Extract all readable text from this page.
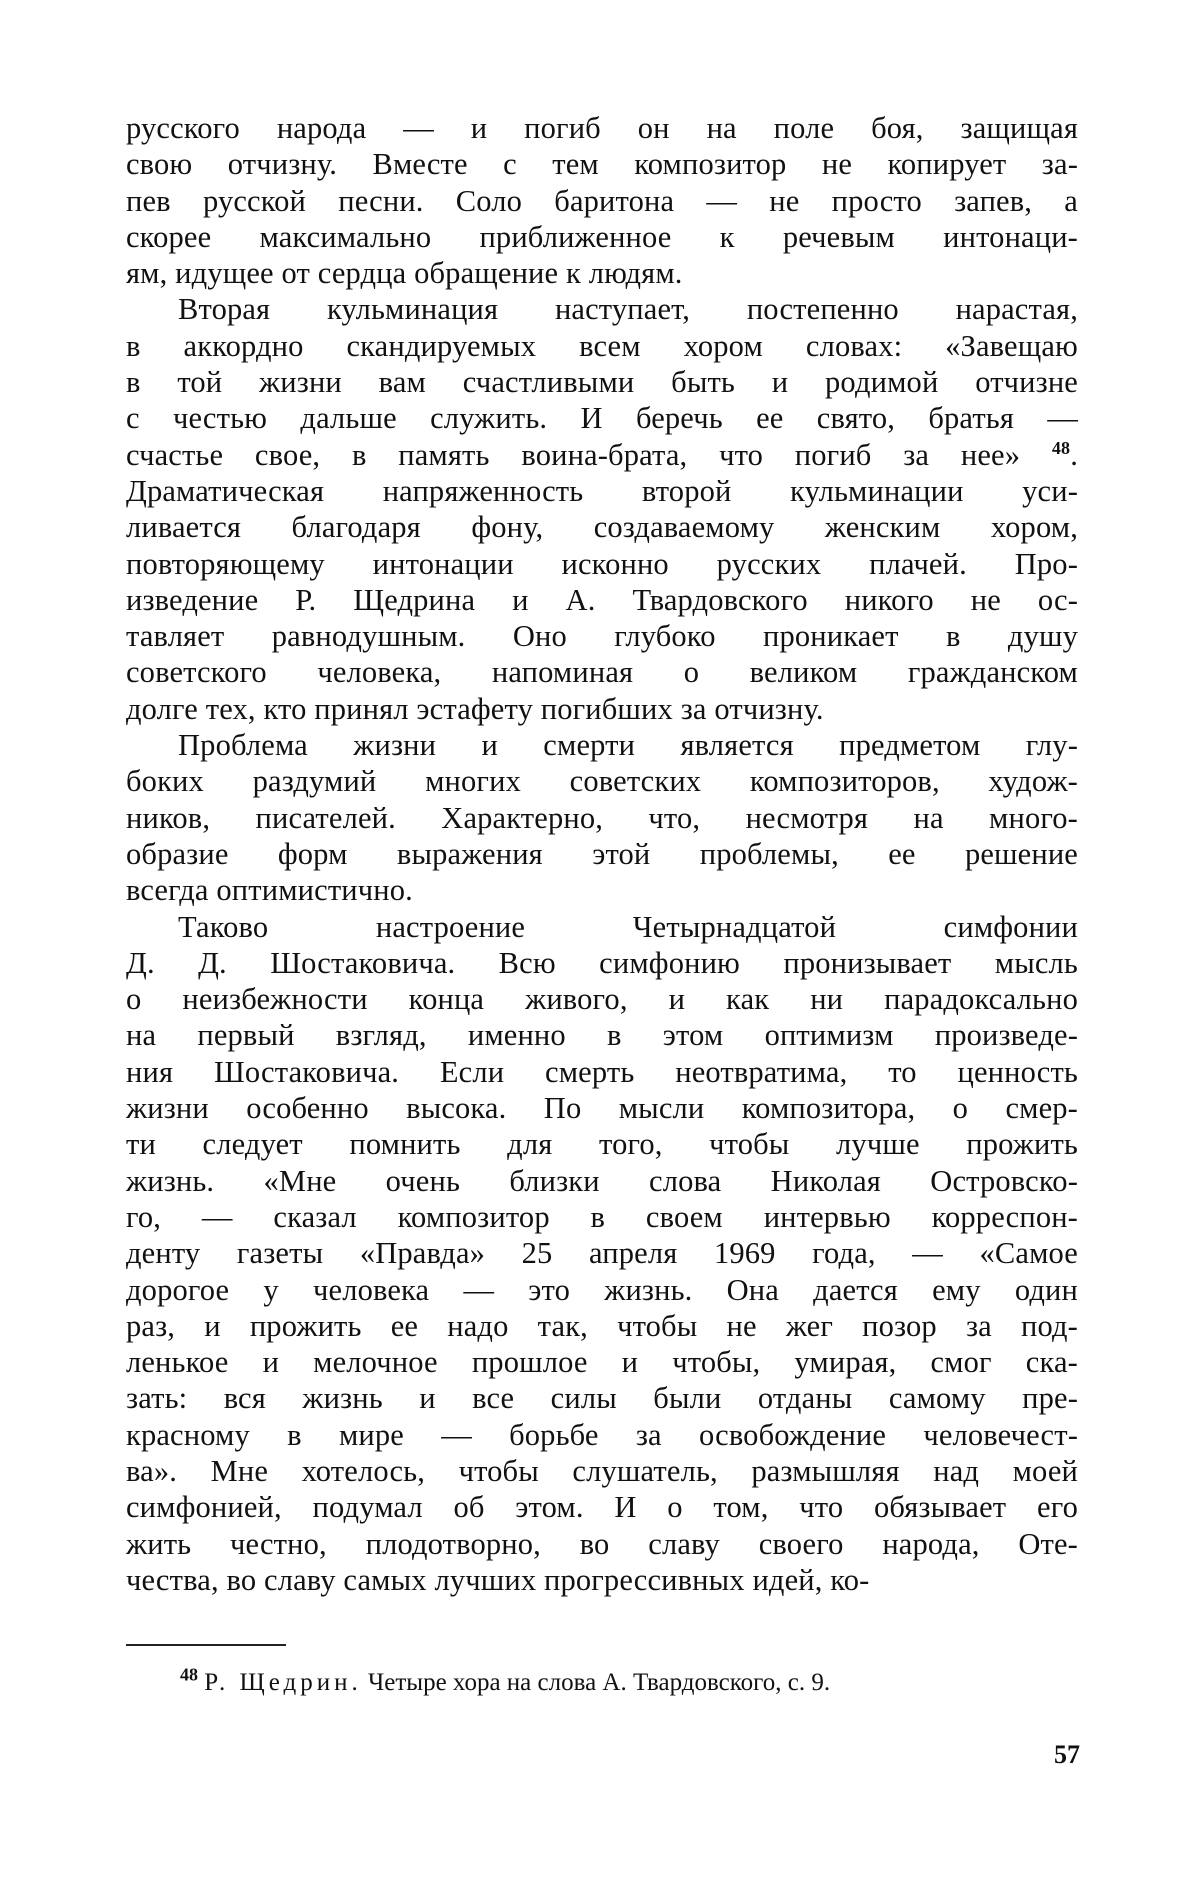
русского народа — и погиб он на поле боя, защищая
свою отчизну. Вместе с тем композитор не копирует за-
пев русской песни. Соло баритона — не просто запев, а
скорее максимально приближенное к речевым интонаци-
ям, идущее от сердца обращение к людям.

Вторая кульминация наступает, постепенно нарастая,
в аккордно скандируемых всем хором словах: «Завещаю
в той жизни вам счастливыми быть и родимой отчизне
с честью дальше служить. И беречь ее свято, братья —
счастье свое, в память воина-брата, что погиб за нее» $^{48}$.
Драматическая напряженность второй кульминации уси-
ливается благодаря фону, создаваемому женским хором,
повторяющему интонации исконно русских плачей. Про-
изведение Р. Щедрина и А. Твардовского никого не ос-
тавляет равнодушным. Оно глубоко проникает в душу
советского человека, напоминая о великом гражданском
долге тех, кто принял эстафету погибших за отчизну.

Проблема жизни и смерти является предметом глу-
боких раздумий многих советских композиторов, худож-
ников, писателей. Характерно, что, несмотря на много-
образие форм выражения этой проблемы, ее решение
всегда оптимистично.

Таково настроение Четырнадцатой симфонии
Д. Д. Шостаковича. Всю симфонию пронизывает мысль
о неизбежности конца живого, и как ни парадоксально
на первый взгляд, именно в этом оптимизм произведе-
ния Шостаковича. Если смерть неотвратима, то ценность
жизни особенно высока. По мысли композитора, о смер-
ти следует помнить для того, чтобы лучше прожить
жизнь. «Мне очень близки слова Николая Островско-
го, — сказал композитор в своем интервью корреспон-
денту газеты «Правда» 25 апреля 1969 года, — «Самое
дорогое у человека — это жизнь. Она дается ему один
раз, и прожить ее надо так, чтобы не жег позор за под-
ленькое и мелочное прошлое и чтобы, умирая, смог ска-
зать: вся жизнь и все силы были отданы самому пре-
красному в мире — борьбе за освобождение человечест-
ва». Мне хотелось, чтобы слушатель, размышляя над моей
симфонией, подумал об этом. И о том, что обязывает его
жить честно, плодотворно, во славу своего народа, Оте-
чества, во славу самых лучших прогрессивных идей, ко-

$^{48}$ Р. Щедрин. Четыре хора на слова А. Твардовского, с. 9.
57
